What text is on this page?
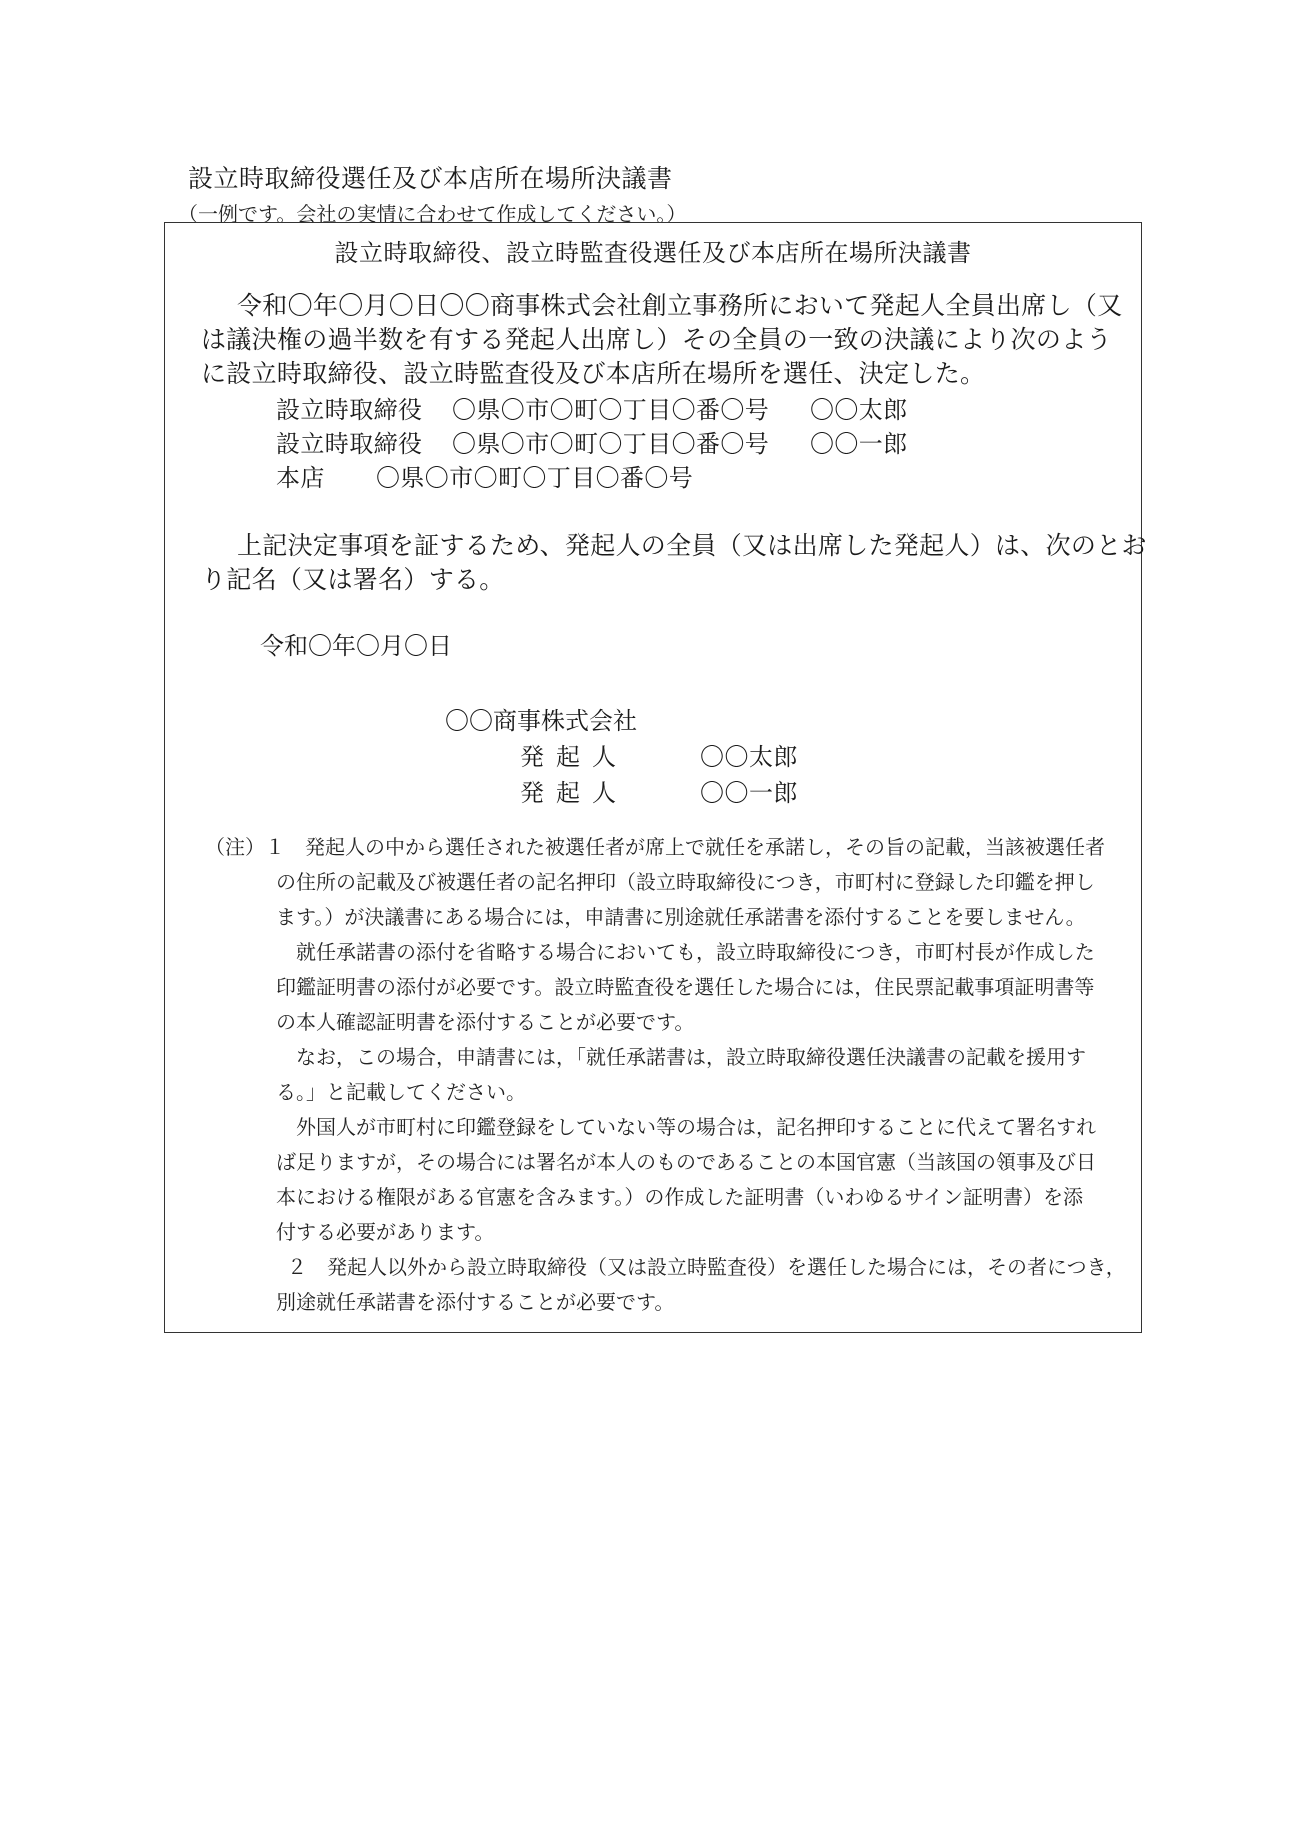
設立時取締役選任及び本店所在場所決議書
（一例です。会社の実情に合わせて作成してください。）
設立時取締役、設立時監査役選任及び本店所在場所決議書
令和〇年〇月〇日〇〇商事株式会社創立事務所において発起人全員出席し（又
は議決権の過半数を有する発起人出席し）その全員の一致の決議により次のよう
に設立時取締役、設立時監査役及び本店所在場所を選任、決定した。
設立時取締役 〇県〇市〇町〇丁目〇番〇号 〇〇太郎
設立時取締役 〇県〇市〇町〇丁目〇番〇号 〇〇一郎
本店 〇県〇市〇町〇丁目〇番〇号
上記決定事項を証するため、発起人の全員（又は出席した発起人）は、次のとお
り記名（又は署名）する。
令和〇年〇月〇日
〇〇商事株式会社
発起人	〇〇太郎
発起人	〇〇一郎
（注）１　発起人の中から選任された被選任者が席上で就任を承諾し，その旨の記載，当該被選任者
の住所の記載及び被選任者の記名押印（設立時取締役につき，市町村に登録した印鑑を押し
ます。）が決議書にある場合には，申請書に別途就任承諾書を添付することを要しません。
就任承諾書の添付を省略する場合においても，設立時取締役につき，市町村長が作成した
印鑑証明書の添付が必要です。設立時監査役を選任した場合には，住民票記載事項証明書等
の本人確認証明書を添付することが必要です。
なお，この場合，申請書には，「就任承諾書は，設立時取締役選任決議書の記載を援用す
る。」と記載してください。
外国人が市町村に印鑑登録をしていない等の場合は，記名押印することに代えて署名すれ
ば足りますが，その場合には署名が本人のものであることの本国官憲（当該国の領事及び日
本における権限がある官憲を含みます。）の作成した証明書（いわゆるサイン証明書）を添
付する必要があります。
２　発起人以外から設立時取締役（又は設立時監査役）を選任した場合には，その者につき，
別途就任承諾書を添付することが必要です。
